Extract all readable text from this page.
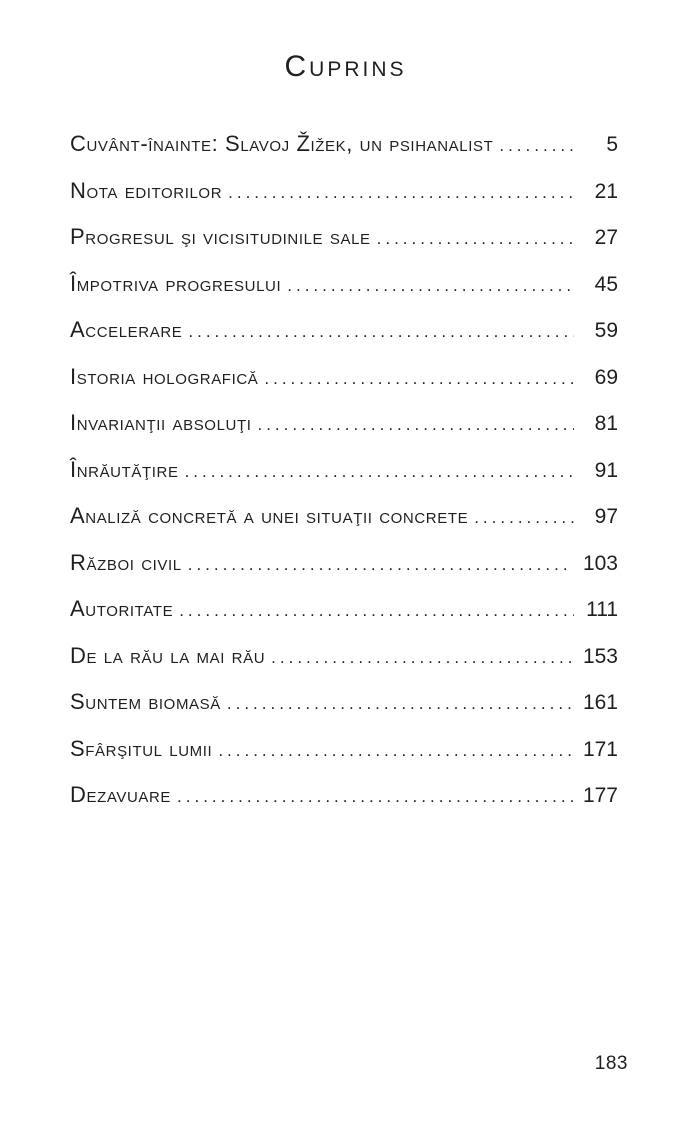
Cuprins
Cuvânt-înainte: Slavoj Žižek, un psihanalist .....	5
Nota editorilor .....	21
Progresul şi vicisitudinile sale .....	27
Împotriva progresului .....	45
Accelerare .....	59
Istoria holografică .....	69
Invarianţii absoluţi .....	81
Înrăutăţire .....	91
Analiză concretă a unei situaţii concrete .....	97
Război civil .....	103
Autoritate .....	111
De la rău la mai rău .....	153
Suntem biomasă .....	161
Sfârşitul lumii .....	171
Dezavuare .....	177
183
